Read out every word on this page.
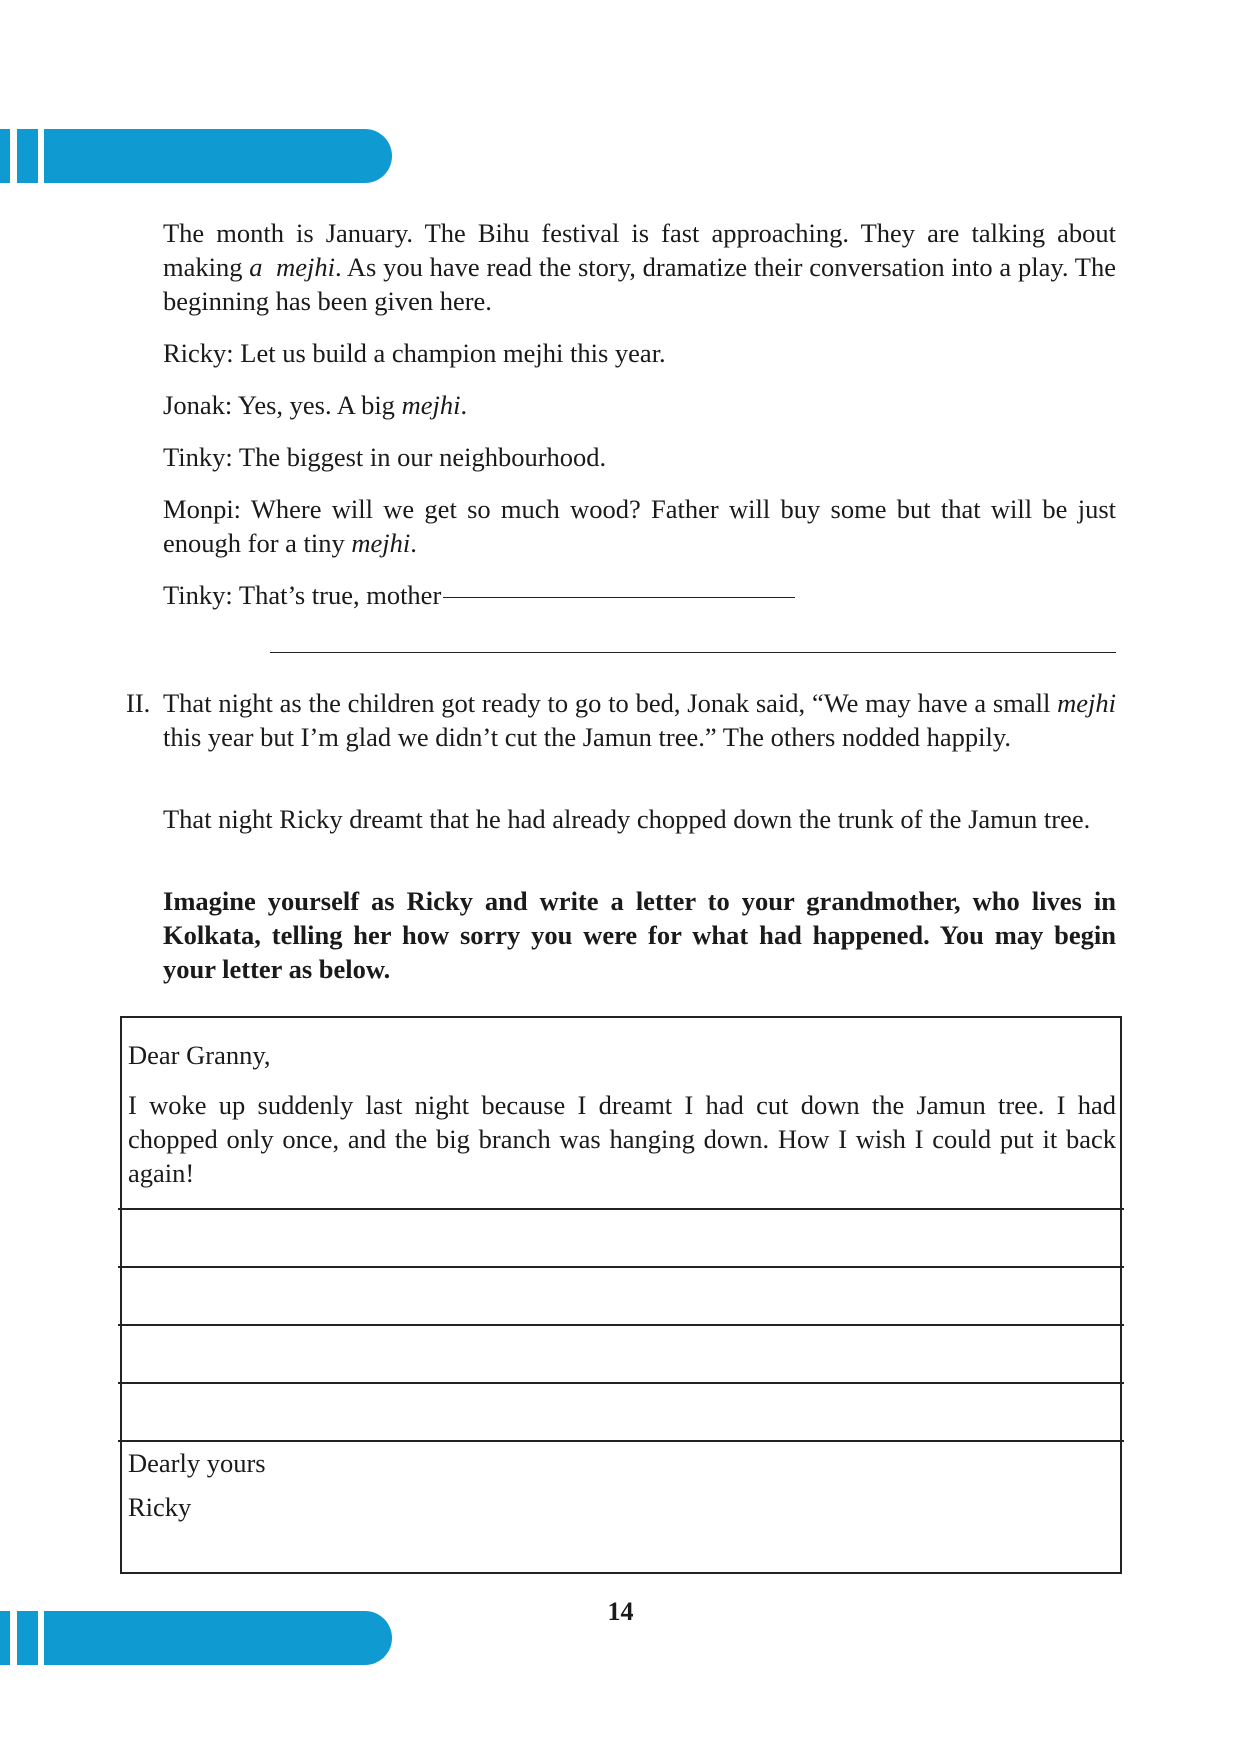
The month is January. The Bihu festival is fast approaching. They are talking about making a mejhi. As you have read the story, dramatize their conversation into a play. The beginning has been given here.
Ricky: Let us build a champion mejhi this year.
Jonak: Yes, yes. A big mejhi.
Tinky: The biggest in our neighbourhood.
Monpi: Where will we get so much wood? Father will buy some but that will be just enough for a tiny mejhi.
Tinky: That’s true, mother
II. That night as the children got ready to go to bed, Jonak said, “We may have a small mejhi this year but I’m glad we didn’t cut the Jamun tree.” The others nodded happily.
That night Ricky dreamt that he had already chopped down the trunk of the Jamun tree.
Imagine yourself as Ricky and write a letter to your grandmother, who lives in Kolkata, telling her how sorry you were for what had happened. You may begin your letter as below.
Dear Granny,
I woke up suddenly last night because I dreamt I had cut down the Jamun tree. I had chopped only once, and the big branch was hanging down. How I wish I could put it back again!
Dearly yours
Ricky
14
